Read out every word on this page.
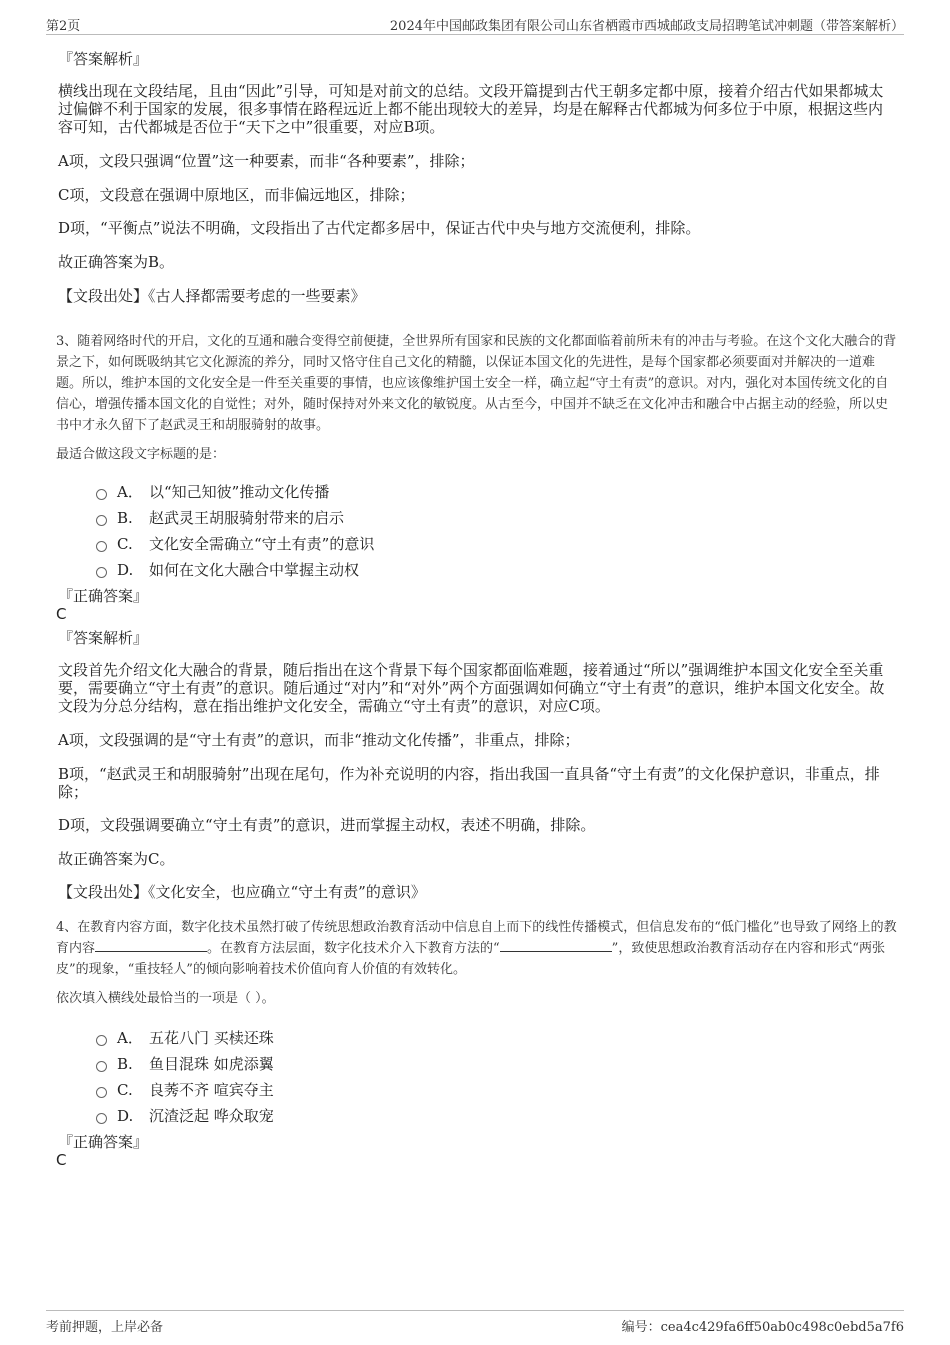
第2页	2024年中国邮政集团有限公司山东省栖霞市西城邮政支局招聘笔试冲刺题（带答案解析）
『答案解析』
横线出现在文段结尾，且由“因此”引导，可知是对前文的总结。文段开篇提到古代王朝多定都中原，接着介绍古代如果都城太过偏僻不利于国家的发展，很多事情在路程远近上都不能出现较大的差异，均是在解释古代都城为何多位于中原，根据这些内容可知，古代都城是否位于“天下之中”很重要，对应B项。
A项，文段只强调“位置”这一种要素，而非“各种要素”，排除；
C项，文段意在强调中原地区，而非偏远地区，排除；
D项，“平衡点”说法不明确，文段指出了古代定都多居中，保证古代中央与地方交流便利，排除。
故正确答案为B。
【文段出处】《古人择都需要考虑的一些要素》
3、随着网络时代的开启，文化的互通和融合变得空前便捷，全世界所有国家和民族的文化都面临着前所未有的冲击与考验。在这个文化大融合的背景之下，如何既吸纳其它文化源流的养分，同时又恪守住自己文化的精髓，以保证本国文化的先进性，是每个国家都必须要面对并解决的一道难题。所以，维护本国的文化安全是一件至关重要的事情，也应该像维护国土安全一样，确立起“守土有责”的意识。对内，强化对本国传统文化的自信心，增强传播本国文化的自觉性；对外，随时保持对外来文化的敏锐度。从古至今，中国并不缺乏在文化冲击和融合中占据主动的经验，所以史书中才永久留下了赵武灵王和胡服骑射的故事。
最适合做这段文字标题的是：
A． 以“知己知彼”推动文化传播
B. 赵武灵王胡服骑射带来的启示
C. 文化安全需确立“守土有责”的意识
D. 如何在文化大融合中掌握主动权
『正确答案』
C
『答案解析』
文段首先介绍文化大融合的背景，随后指出在这个背景下每个国家都面临难题，接着通过“所以”强调维护本国文化安全至关重要，需要确立“守土有责”的意识。随后通过“对内”和“对外”两个方面强调如何确立“守土有责”的意识，维护本国文化安全。故文段为分总分结构，意在指出维护文化安全，需确立“守土有责”的意识，对应C项。
A项，文段强调的是“守土有责”的意识，而非“推动文化传播”，非重点，排除；
B项，“赵武灵王和胡服骑射”出现在尾句，作为补充说明的内容，指出我国一直具备“守土有责”的文化保护意识，非重点，排除；
D项，文段强调要确立“守土有责”的意识，进而掌握主动权，表述不明确，排除。
故正确答案为C。
【文段出处】《文化安全，也应确立“守土有责”的意识》
4、在教育内容方面，数字化技术虽然打破了传统思想政治教育活动中信息自上而下的线性传播模式，但信息发布的“低门槛化”也导致了网络上的教育内容	。在教育方法层面，数字化技术介入下教育方法的“	”，致使思想政治教育活动存在内容和形式“两张皮”的现象，“重技轻人”的倾向影响着技术价值向育人价值的有效转化。
依次填入横线处最恰当的一项是（ ）。
A． 五花八门 买椟还珠
B. 鱼目混珠 如虎添翼
C. 良莠不齐 喧宾夺主
D. 沉渣泛起 哗众取宠
『正确答案』
C
考前押题，上岸必备	编号：cea4c429fa6ff50ab0c498c0ebd5a7f6
